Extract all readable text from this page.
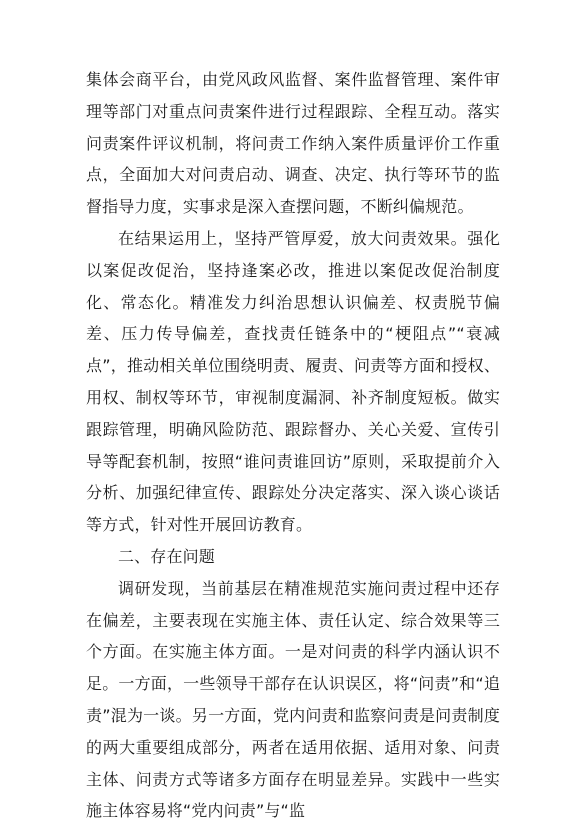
集体会商平台，由党风政风监督、案件监督管理、案件审理等部门对重点问责案件进行过程跟踪、全程互动。落实问责案件评议机制，将问责工作纳入案件质量评价工作重点，全面加大对问责启动、调查、决定、执行等环节的监督指导力度，实事求是深入查摆问题，不断纠偏规范。

在结果运用上，坚持严管厚爱，放大问责效果。强化以案促改促治，坚持逢案必改，推进以案促改促治制度化、常态化。精准发力纠治思想认识偏差、权责脱节偏差、压力传导偏差，查找责任链条中的“梗阻点”“衰减点”，推动相关单位围绕明责、履责、问责等方面和授权、用权、制权等环节，审视制度漏洞、补齐制度短板。做实跟踪管理，明确风险防范、跟踪督办、关心关爱、宣传引导等配套机制，按照“谁问责谁回访”原则，采取提前介入分析、加强纪律宣传、跟踪处分决定落实、深入谈心谈话等方式，针对性开展回访教育。

二、存在问题

调研发现，当前基层在精准规范实施问责过程中还存在偏差，主要表现在实施主体、责任认定、综合效果等三个方面。在实施主体方面。一是对问责的科学内涵认识不足。一方面，一些领导干部存在认识误区，将“问责”和“追责”混为一谈。另一方面，党内问责和监察问责是问责制度的两大重要组成部分，两者在适用依据、适用对象、问责主体、问责方式等诸多方面存在明显差异。实践中一些实施主体容易将“党内问责”与“监
